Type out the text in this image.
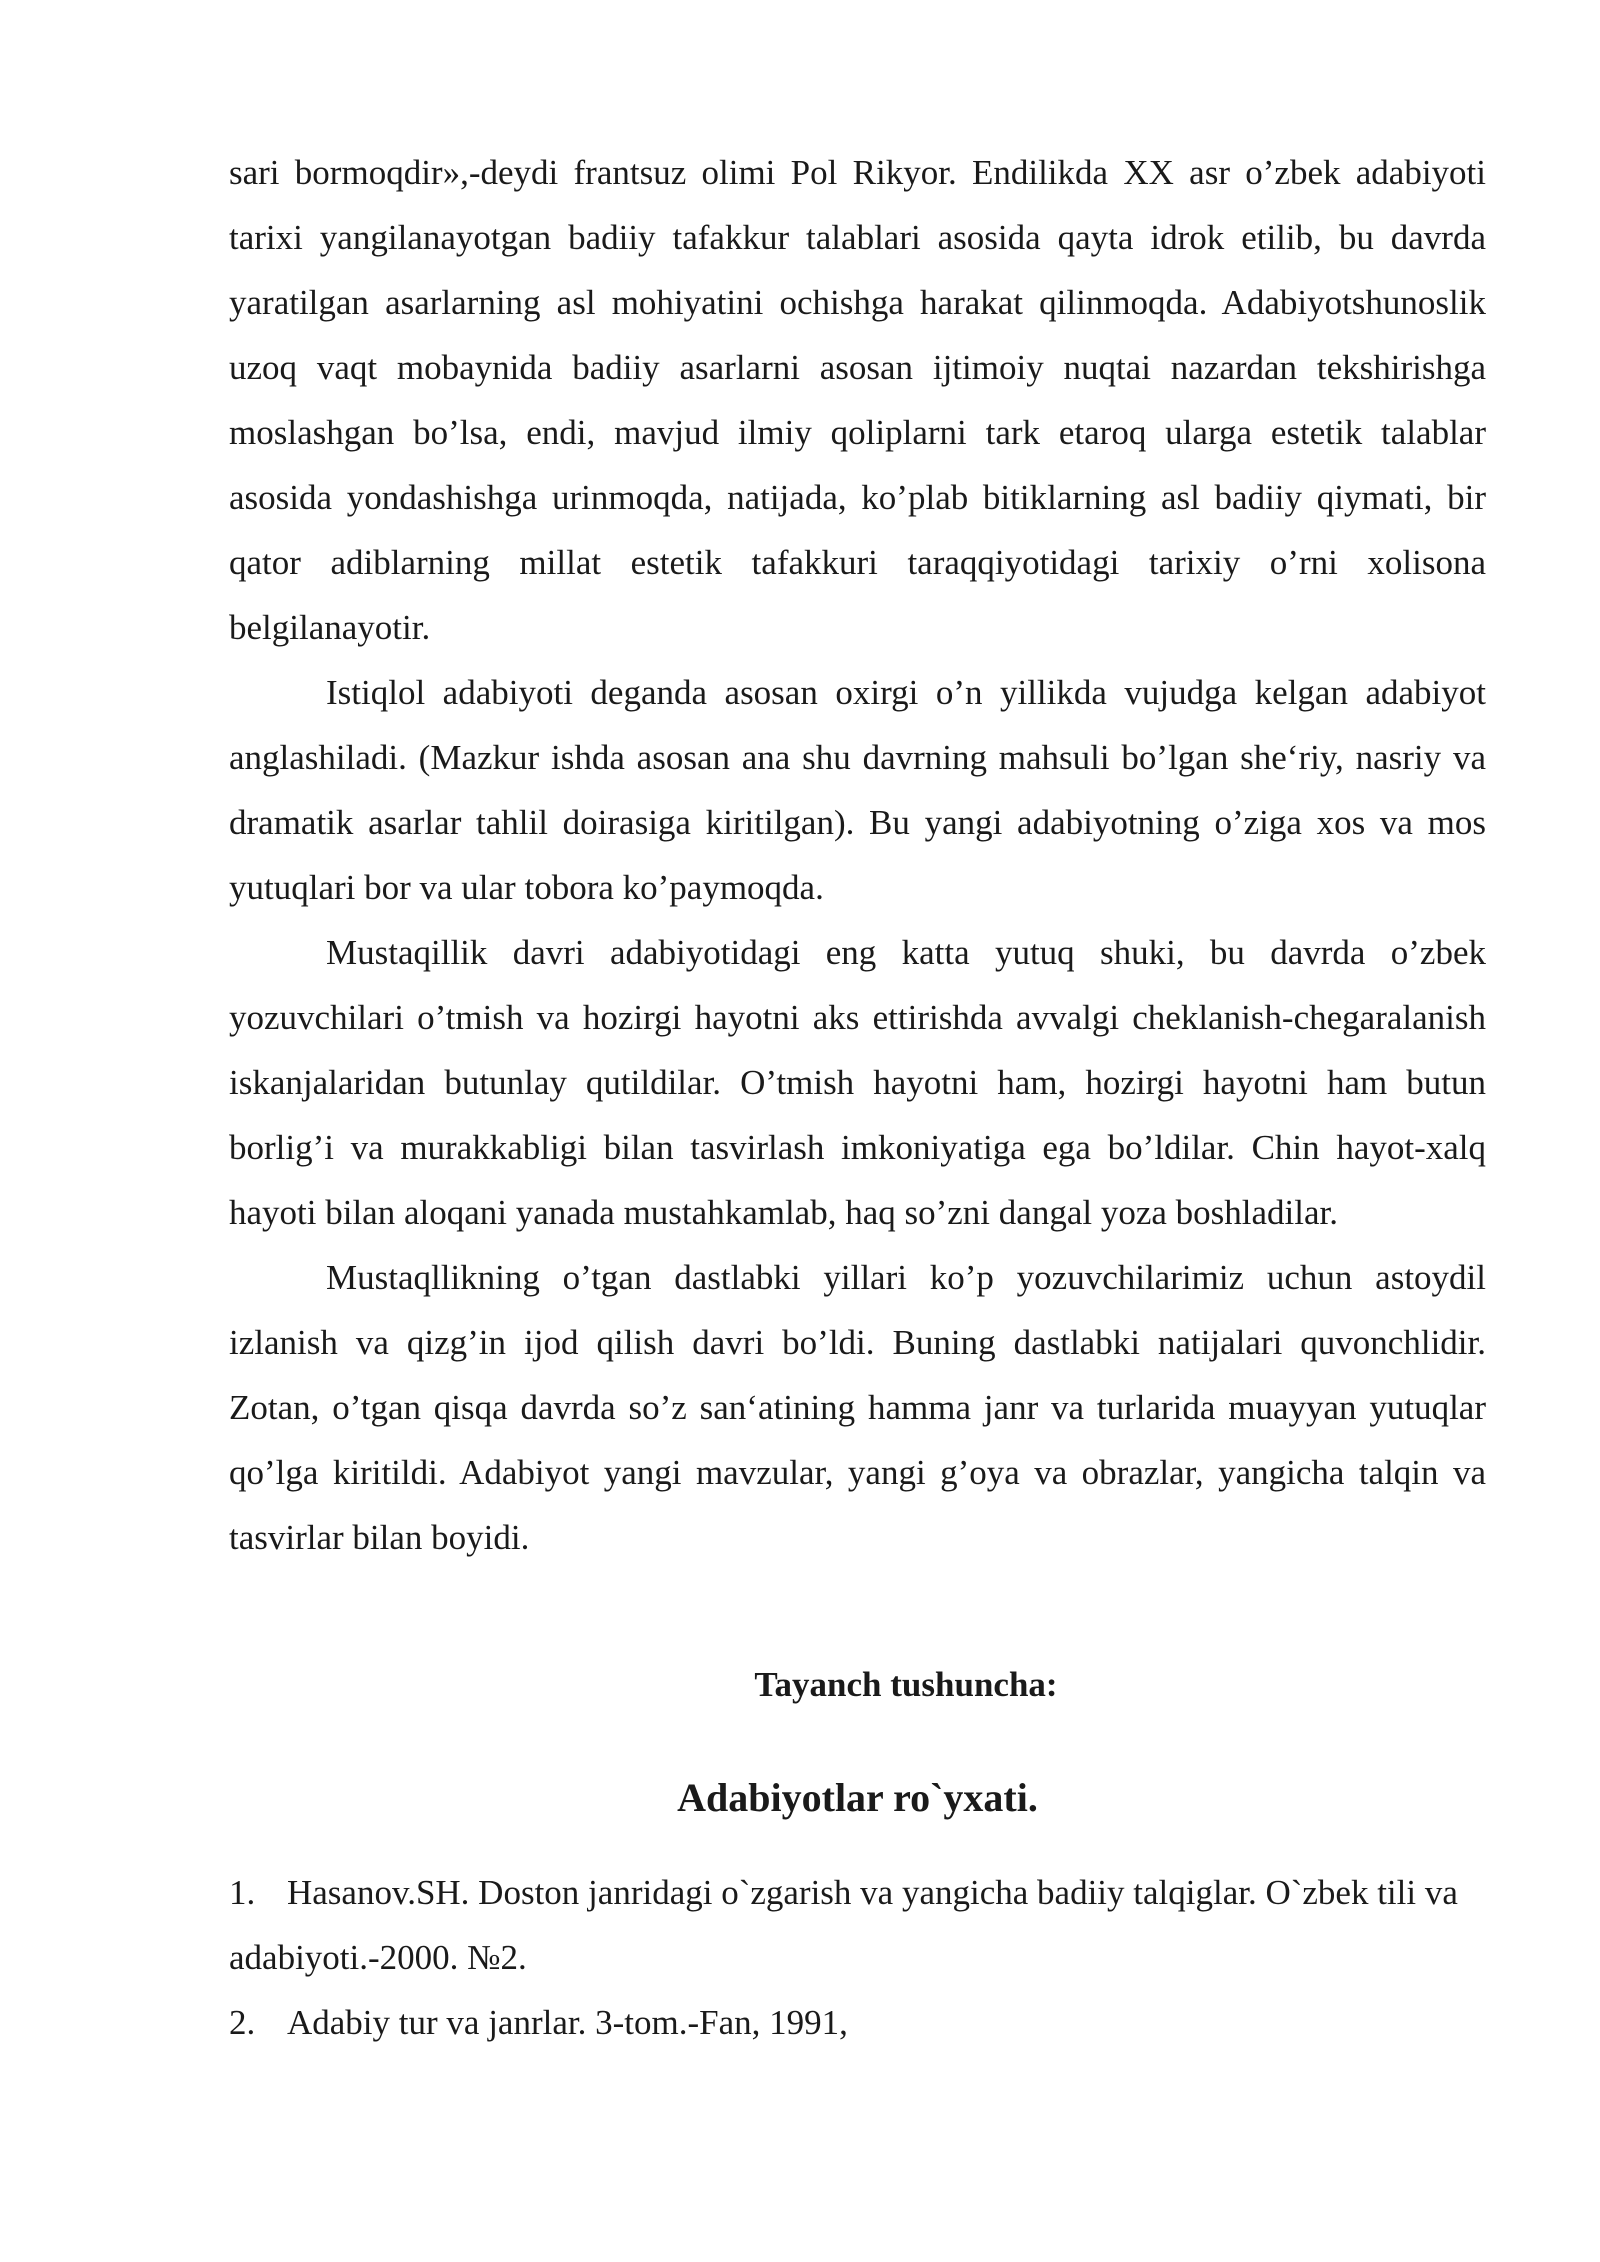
sari bormoqdir»,-deydi frantsuz olimi Pol Rikyor. Endilikda XX asr o’zbek adabiyoti tarixi yangilanayotgan badiiy tafakkur talablari asosida qayta idrok etilib, bu davrda yaratilgan asarlarning asl mohiyatini ochishga harakat qilinmoqda. Adabiyotshunoslik uzoq vaqt mobaynida badiiy asarlarni asosan ijtimoiy nuqtai nazardan tekshirishga moslashgan bo’lsa, endi, mavjud ilmiy qoliplarni tark etaroq ularga estetik talablar asosida yondashishga urinmoqda, natijada, ko’plab bitiklarning asl badiiy qiymati, bir qator adiblarning millat estetik tafakkuri taraqqiyotidagi tarixiy o’rni xolisona belgilanayotir.

Istiqlol adabiyoti deganda asosan oxirgi o’n yillikda vujudga kelgan adabiyot anglashiladi. (Mazkur ishda asosan ana shu davrning mahsuli bo’lgan she‘riy, nasriy va dramatik asarlar tahlil doirasiga kiritilgan). Bu yangi adabiyotning o’ziga xos va mos yutuqlari bor va ular tobora ko’paymoqda.

Mustaqillik davri adabiyotidagi eng katta yutuq shuki, bu davrda o’zbek yozuvchilari o’tmish va hozirgi hayotni aks ettirishda avvalgi cheklanish-chegaralanish iskanjalaridan butunlay qutildilar. O’tmish hayotni ham, hozirgi hayotni ham butun borlig’i va murakkabligi bilan tasvirlash imkoniyatiga ega bo’ldilar. Chin hayot-xalq hayoti bilan aloqani yanada mustahkamlab, haq so’zni dangal yoza boshladilar.

Mustaqllikning o’tgan dastlabki yillari ko’p yozuvchilarimiz uchun astoydil izlanish va qizg’in ijod qilish davri bo’ldi. Buning dastlabki natijalari quvonchlidir. Zotan, o’tgan qisqa davrda so’z san‘atining hamma janr va turlarida muayyan yutuqlar qo’lga kiritildi. Adabiyot yangi mavzular, yangi g’oya va obrazlar, yangicha talqin va tasvirlar bilan boyidi.

Tayanch tushuncha:
Adabiyotlar ro`yxati.
1. Hasanov.SH. Doston janridagi o`zgarish va yangicha badiiy talqiglar. O`zbek tili va adabiyoti.-2000. №2.
2. Adabiy tur va janrlar. 3-tom.-Fan, 1991,
